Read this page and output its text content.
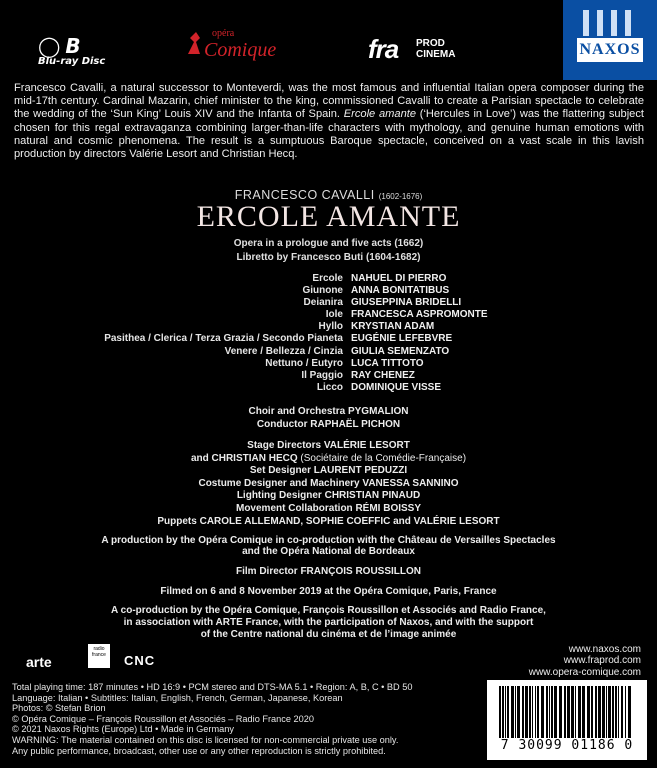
◯ B
Blu-ray Disc
opéra
Comique	fra PROD
CINEMA	NAXOS
Francesco Cavalli, a natural successor to Monteverdi, was the most famous and influential Italian opera composer during the mid-17th century. Cardinal Mazarin, chief minister to the king, commissioned Cavalli to create a Parisian spectacle to celebrate the wedding of the ‘Sun King’ Louis XIV and the Infanta of Spain. Ercole amante (‘Hercules in Love’) was the flattering subject chosen for this regal extravaganza combining larger-than-life characters with mythology, and genuine human emotions with natural and cosmic phenomena. The result is a sumptuous Baroque spectacle, conceived on a vast scale in this lavish production by directors Valérie Lesort and Christian Hecq.
FRANCESCO CAVALLI (1602-1676)
ERCOLE AMANTE
Opera in a prologue and five acts (1662)
Libretto by Francesco Buti (1604-1682)
Ercole NAHUEL DI PIERRO
Giunone ANNA BONITATIBUS
Deianira GIUSEPPINA BRIDELLI
Iole FRANCESCA ASPROMONTE
Hyllo KRYSTIAN ADAM
Pasithea / Clerica / Terza Grazia / Secondo Pianeta EUGÉNIE LEFEBVRE
Venere / Bellezza / Cinzia GIULIA SEMENZATO
Nettuno / Eutyro LUCA TITTOTO
Il Paggio RAY CHENEZ
Licco DOMINIQUE VISSE
Choir and Orchestra PYGMALION
Conductor RAPHAËL PICHON
Stage Directors VALÉRIE LESORT
and CHRISTIAN HECQ (Sociétaire de la Comédie-Française)
Set Designer LAURENT PEDUZZI
Costume Designer and Machinery VANESSA SANNINO
Lighting Designer CHRISTIAN PINAUD
Movement Collaboration RÉMI BOISSY
Puppets CAROLE ALLEMAND, SOPHIE COEFFIC and VALÉRIE LESORT
A production by the Opéra Comique in co-production with the Château de Versailles Spectacles
and the Opéra National de Bordeaux
Film Director FRANÇOIS ROUSSILLON
Filmed on 6 and 8 November 2019 at the Opéra Comique, Paris, France
A co-production by the Opéra Comique, François Roussillon et Associés and Radio France,
in association with ARTE France, with the participation of Naxos, and with the support
of the Centre national du cinéma et de l’image animée
arte
radio
france	CNC
www.naxos.com
www.fraprod.com
www.opera-comique.com
Total playing time: 187 minutes • HD 16:9 • PCM stereo and DTS-MA 5.1 • Region: A, B, C • BD 50
Language: Italian • Subtitles: Italian, English, French, German, Japanese, Korean
Photos: © Stefan Brion
© Opéra Comique – François Roussillon et Associés – Radio France 2020
© 2021 Naxos Rights (Europe) Ltd • Made in Germany
WARNING: The material contained on this disc is licensed for non-commercial private use only.
Any public performance, broadcast, other use or any other reproduction is strictly prohibited.	7 30099 01186 0
